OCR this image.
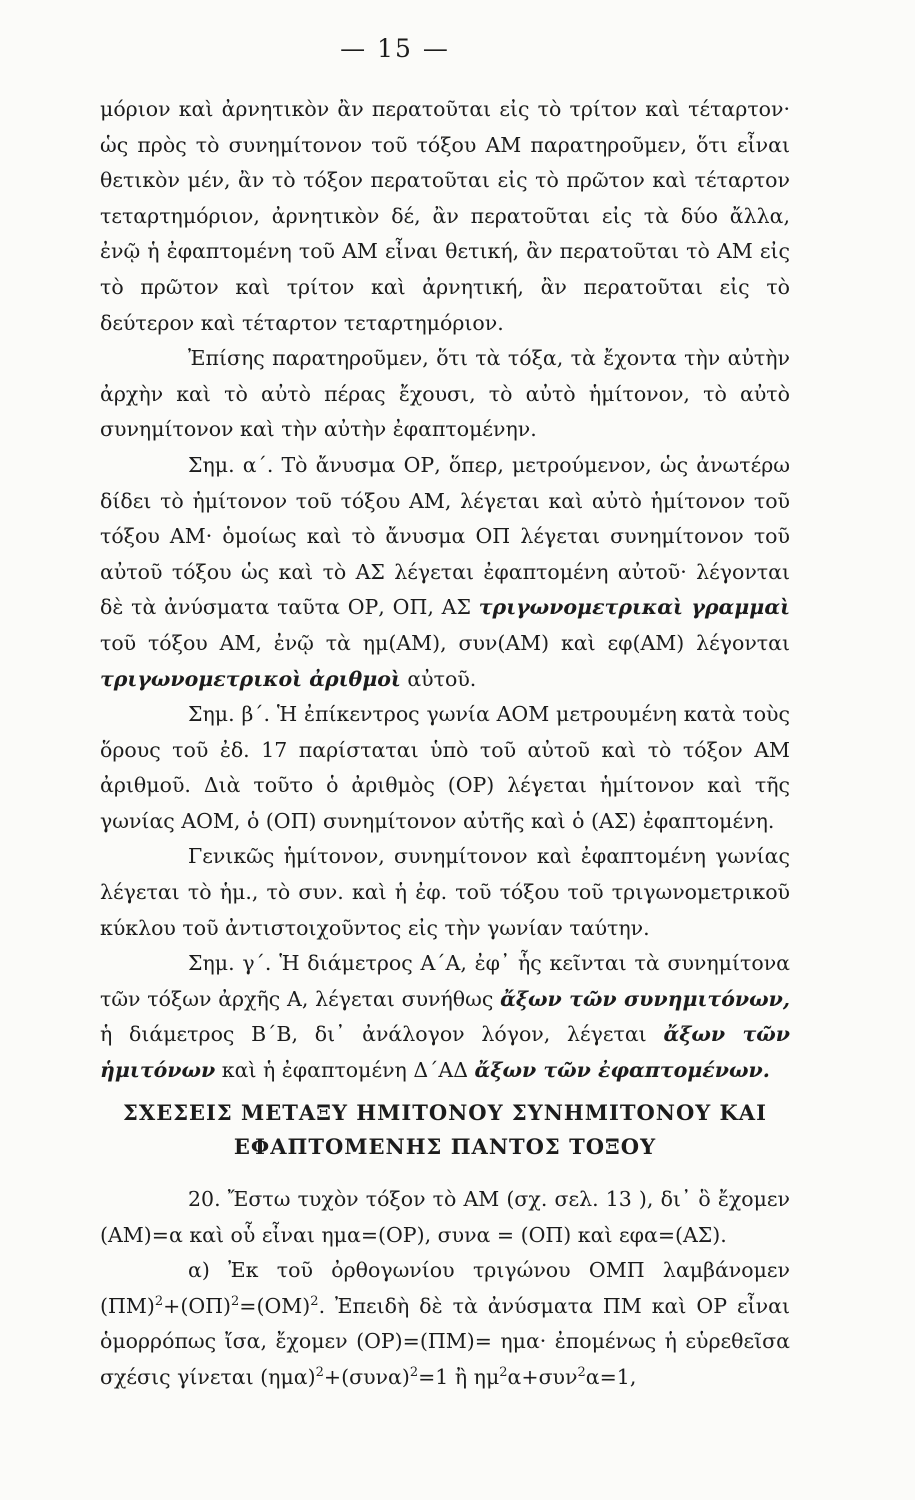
— 15 —

μόριον καὶ ἀρνητικὸν ἂν περατοῦται εἰς τὸ τρίτον καὶ τέταρτον· ὡς πρὸς τὸ συνημίτονον τοῦ τόξου ΑΜ παρατηροῦμεν, ὅτι εἶναι θετικὸν μέν, ἂν τὸ τόξον περατοῦται εἰς τὸ πρῶτον καὶ τέταρτον τεταρτημόριον, ἀρνητικὸν δέ, ἂν περατοῦται εἰς τὰ δύο ἄλλα, ἐνῷ ἡ ἐφαπτομένη τοῦ ΑΜ εἶναι θετική, ἂν περατοῦται τὸ ΑΜ εἰς τὸ πρῶτον καὶ τρίτον καὶ ἀρνητική, ἂν περατοῦται εἰς τὸ δεύτερον καὶ τέταρτον τεταρτημόριον.

Ἐπίσης παρατηροῦμεν, ὅτι τὰ τόξα, τὰ ἔχοντα τὴν αὐτὴν ἀρχὴν καὶ τὸ αὐτὸ πέρας ἔχουσι, τὸ αὐτὸ ἡμίτονον, τὸ αὐτὸ συνημίτονον καὶ τὴν αὐτὴν ἐφαπτομένην.

Σημ. α΄. Τὸ ἄνυσμα ΟΡ, ὅπερ, μετρούμενον, ὡς ἀνωτέρω δίδει τὸ ἡμίτονον τοῦ τόξου ΑΜ, λέγεται καὶ αὐτὸ ἡμίτονον τοῦ τόξου ΑΜ· ὁμοίως καὶ τὸ ἄνυσμα ΟΠ λέγεται συνημίτονον τοῦ αὐτοῦ τόξου ὡς καὶ τὸ ΑΣ λέγεται ἐφαπτομένη αὐτοῦ· λέγονται δὲ τὰ ἀνύσματα ταῦτα ΟΡ, ΟΠ, ΑΣ τριγωνομετρικαὶ γραμμαὶ τοῦ τόξου ΑΜ, ἐνῷ τὰ ημ(ΑΜ), συν(ΑΜ) καὶ εφ(ΑΜ) λέγονται τριγωνομετρικοὶ ἀριθμοὶ αὐτοῦ.

Σημ. β΄. Ἡ ἐπίκεντρος γωνία ΑΟΜ μετρουμένη κατὰ τοὺς ὅρους τοῦ ἐδ. 17 παρίσταται ὑπὸ τοῦ αὐτοῦ καὶ τὸ τόξον ΑΜ ἀριθμοῦ. Διὰ τοῦτο ὁ ἀριθμὸς (ΟΡ) λέγεται ἡμίτονον καὶ τῆς γωνίας ΑΟΜ, ὁ (ΟΠ) συνημίτονον αὐτῆς καὶ ὁ (ΑΣ) ἐφαπτομένη.

Γενικῶς ἡμίτονον, συνημίτονον καὶ ἐφαπτομένη γωνίας λέγεται τὸ ἡμ., τὸ συν. καὶ ἡ ἐφ. τοῦ τόξου τοῦ τριγωνομετρικοῦ κύκλου τοῦ ἀντιστοιχοῦντος εἰς τὴν γωνίαν ταύτην.

Σημ. γ΄. Ἡ διάμετρος Α΄Α, ἐφ᾽ ἧς κεῖνται τὰ συνημίτονα τῶν τόξων ἀρχῆς Α, λέγεται συνήθως ἄξων τῶν συνημιτόνων, ἡ διάμετρος Β΄Β, δι᾽ ἀνάλογον λόγον, λέγεται ἄξων τῶν ἡμιτόνων καὶ ἡ ἐφαπτομένη Δ΄ΑΔ ἄξων τῶν ἐφαπτομένων.

ΣΧΕΣΕΙΣ ΜΕΤΑΞΥ ΗΜΙΤΟΝΟΥ ΣΥΝΗΜΙΤΟΝΟΥ ΚΑΙ
ΕΦΑΠΤΟΜΕΝΗΣ ΠΑΝΤΟΣ ΤΟΞΟΥ

20. Ἔστω τυχὸν τόξον τὸ ΑΜ (σχ. σελ. 13 ), δι᾽ ὃ ἔχομεν (ΑΜ)=α καὶ οὗ εἶναι ημα=(ΟΡ), συνα = (ΟΠ) καὶ εφα=(ΑΣ).

α) Ἐκ τοῦ ὀρθογωνίου τριγώνου ΟΜΠ λαμβάνομεν $(\Pi M)^2+(O\Pi)^2=(OM)^2$. Ἐπειδὴ δὲ τὰ ἀνύσματα ΠΜ καὶ ΟΡ εἶναι ὁμορρόπως ἴσα, ἔχομεν (ΟΡ)=(ΠΜ)= ημα· ἐπομένως ἡ εὑρεθεῖσα σχέσις γίνεται $(\eta\mu\alpha)^2+(\sigma\upsilon\nu\alpha)^2=1$ ἢ $\eta\mu^2\alpha+\sigma\upsilon\nu^2\alpha=1$,
